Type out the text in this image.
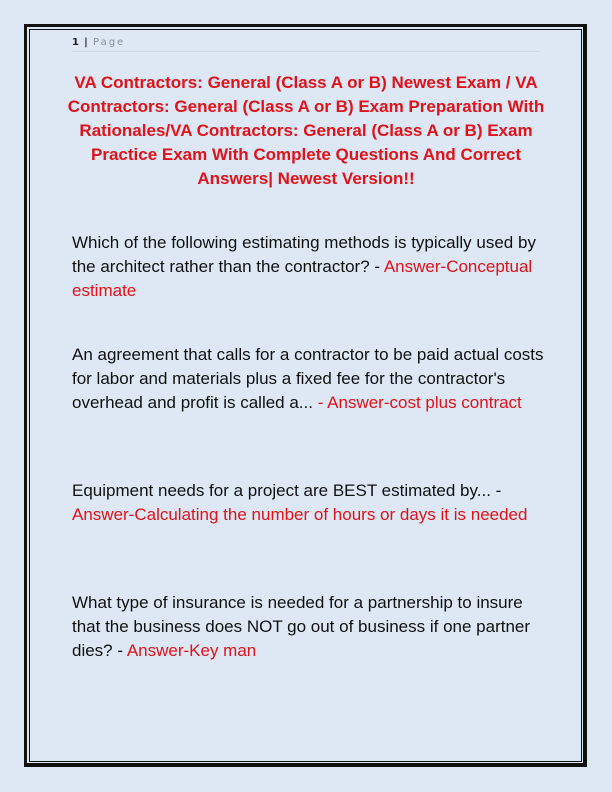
1 | Page
VA Contractors: General (Class A or B) Newest Exam / VA Contractors: General (Class A or B) Exam Preparation With Rationales/VA Contractors: General (Class A or B) Exam Practice Exam With Complete Questions And Correct Answers| Newest Version!!
Which of the following estimating methods is typically used by the architect rather than the contractor? - Answer-Conceptual estimate
An agreement that calls for a contractor to be paid actual costs for labor and materials plus a fixed fee for the contractor's overhead and profit is called a... - Answer-cost plus contract
Equipment needs for a project are BEST estimated by... - Answer-Calculating the number of hours or days it is needed
What type of insurance is needed for a partnership to insure that the business does NOT go out of business if one partner dies? - Answer-Key man
